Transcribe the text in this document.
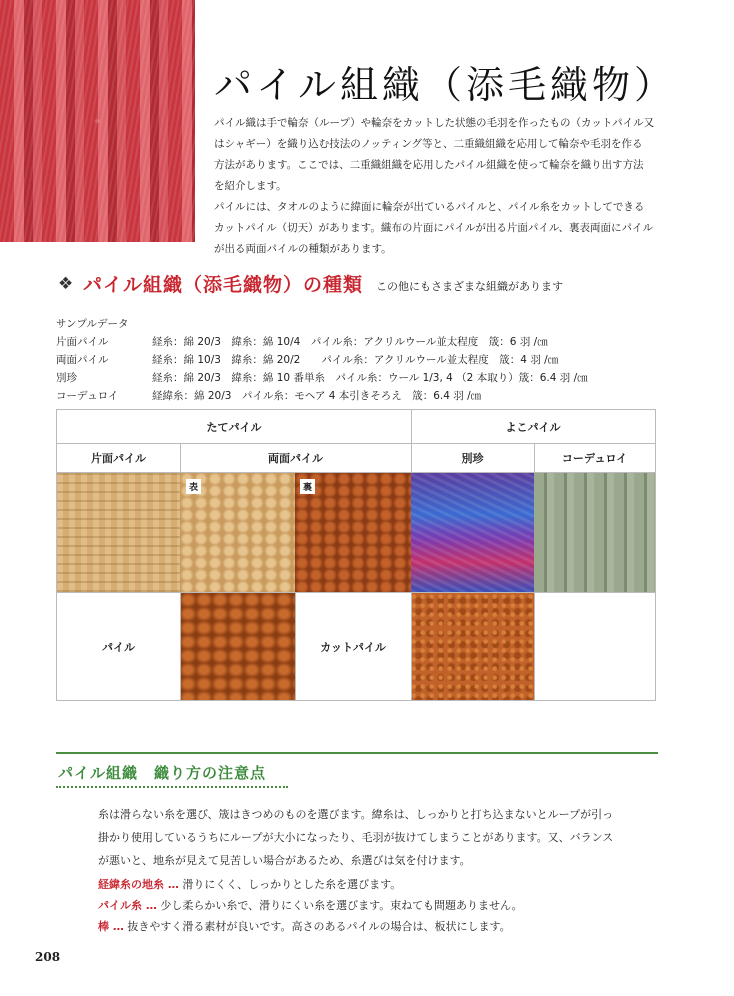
パイル組織（添毛織物）
パイル織は手で輪奈（ループ）や輪奈をカットした状態の毛羽を作ったもの（カットパイル又
はシャギー）を織り込む技法のノッティング等と、二重織組織を応用して輪奈や毛羽を作る
方法があります。ここでは、二重織組織を応用したパイル組織を使って輪奈を織り出す方法
を紹介します。
パイルには、タオルのように緯面に輪奈が出ているパイルと、パイル糸をカットしてできる
カットパイル（切天）があります。織布の片面にパイルが出る片面パイル、裏表両面にパイル
が出る両面パイルの種類があります。
❖ パイル組織（添毛織物）の種類 この他にもさまざまな組織があります
サンプルデータ
片面パイル	経糸：綿 20/3　緯糸：綿 10/4　パイル糸：アクリルウール並太程度　筬：6 羽 /㎝
両面パイル	経糸：綿 10/3　緯糸：綿 20/2　　パイル糸：アクリルウール並太程度　筬：4 羽 /㎝
別珍	経糸：綿 20/3　緯糸：綿 10 番単糸　パイル糸：ウール 1/3, 4 （2 本取り）筬：6.4 羽 /㎝
コーデュロイ	経緯糸：綿 20/3　パイル糸：モヘア 4 本引きそろえ　筬：6.4 羽 /㎝
たてパイル	よこパイル
片面パイル	両面パイル	別珍	コーデュロイ
表	裏
パイル	カットパイル
パイル組織　織り方の注意点
糸は滑らない糸を選び、筬はきつめのものを選びます。緯糸は、しっかりと打ち込まないとループが引っ
掛かり使用しているうちにループが大小になったり、毛羽が抜けてしまうことがあります。又、バランス
が悪いと、地糸が見えて見苦しい場合があるため、糸選びは気を付けます。
経緯糸の地糸 … 滑りにくく、しっかりとした糸を選びます。
パイル糸 … 少し柔らかい糸で、滑りにくい糸を選びます。束ねても問題ありません。
棒 … 抜きやすく滑る素材が良いです。高さのあるパイルの場合は、板状にします。
208
